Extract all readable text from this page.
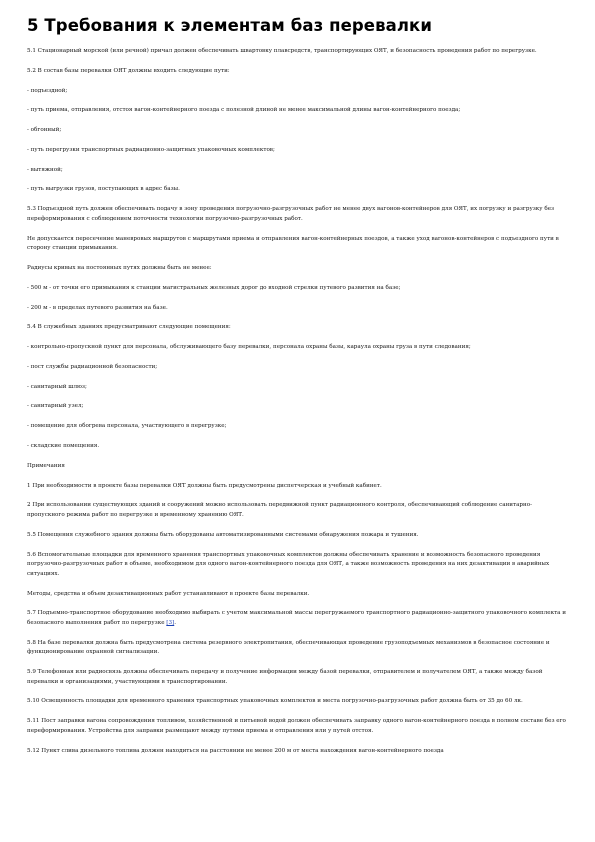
5 Требования к элементам баз перевалки

5.1 Стационарный морской (или речной) причал должен обеспечивать швартовку плавсредств, транспортирующих ОЯТ, и безопасность проведения работ по перегрузке.

5.2 В состав базы перевалки ОЯТ должны входить следующие пути:

- подъездной;

- путь приема, отправления, отстоя вагон-контейнерного поезда с полезной длиной не менее максимальной длины вагон-контейнерного поезда;

- обгонный;

- путь перегрузки транспортных радиационно-защитных упаковочных комплектов;

- вытяжной;

- путь выгрузки грузов, поступающих в адрес базы.

5.3 Подъездной путь должен обеспечивать подачу в зону проведения погрузочно-разгрузочных работ не менее двух вагонов-контейнеров для ОЯТ, их погрузку и разгрузку без переформирования с соблюдением поточности технологии погрузочно-разгрузочных работ.

Не допускается пересечение маневровых маршрутов с маршрутами приема и отправления вагон-контейнерных поездов, а также уход вагонов-контейнеров с подъездного пути в сторону станции примыкания.

Радиусы кривых на постоянных путях должны быть не менее:

- 500 м - от точки его примыкания к станции магистральных железных дорог до входной стрелки путевого развития на базе;

- 200 м - в пределах путевого развития на базе.

5.4 В служебных зданиях предусматривают следующие помещения:

- контрольно-пропускной пункт для персонала, обслуживающего базу перевалки, персонала охраны базы, караула охраны груза в пути следования;

- пост службы радиационной безопасности;

- санитарный шлюз;

- санитарный узел;

- помещение для обогрева персонала, участвующего в перегрузке;

- складские помещения.

Примечания

1 При необходимости в проекте базы перевалки ОЯТ должны быть предусмотрены диспетчерская и учебный кабинет.

2 При использовании существующих зданий и сооружений можно использовать передвижной пункт радиационного контроля, обеспечивающий соблюдение санитарно-пропускного режима работ по перегрузке и временному хранению ОЯТ.

5.5 Помещения служебного здания должны быть оборудованы автоматизированными системами обнаружения пожара и тушения.

5.6 Вспомогательные площадки для временного хранения транспортных упаковочных комплектов должны обеспечивать хранение и возможность безопасного проведения погрузочно-разгрузочных работ в объеме, необходимом для одного вагон-контейнерного поезда для ОЯТ, а также возможность проведения на них дезактивации в аварийных ситуациях.

Методы, средства и объем дезактивационных работ устанавливают в проекте базы перевалки.

5.7 Подъемно-транспортное оборудование необходимо выбирать с учетом максимальной массы перегружаемого транспортного радиационно-защитного упаковочного комплекта и безопасного выполнения работ по перегрузке [3].

5.8 На базе перевалки должна быть предусмотрена система резервного электропитания, обеспечивающая проведение грузоподъемных механизмов в безопасное состояние и функционирование охранной сигнализации.

5.9 Телефонная или радиосвязь должны обеспечивать передачу и получение информации между базой перевалки, отправителем и получателем ОЯТ, а также между базой перевалки и организациями, участвующими в транспортировании.

5.10 Освещенность площадки для временного хранения транспортных упаковочных комплектов и места погрузочно-разгрузочных работ должна быть от 35 до 60 лк.

5.11 Пост заправки вагона сопровождения топливом, хозяйственной и питьевой водой должен обеспечивать заправку одного вагон-контейнерного поезда в полном составе без его переформирования. Устройства для заправки размещают между путями приема и отправления или у путей отстоя.

5.12 Пункт слива дизельного топлива должен находиться на расстоянии не менее 200 м от места нахождения вагон-контейнерного поезда
